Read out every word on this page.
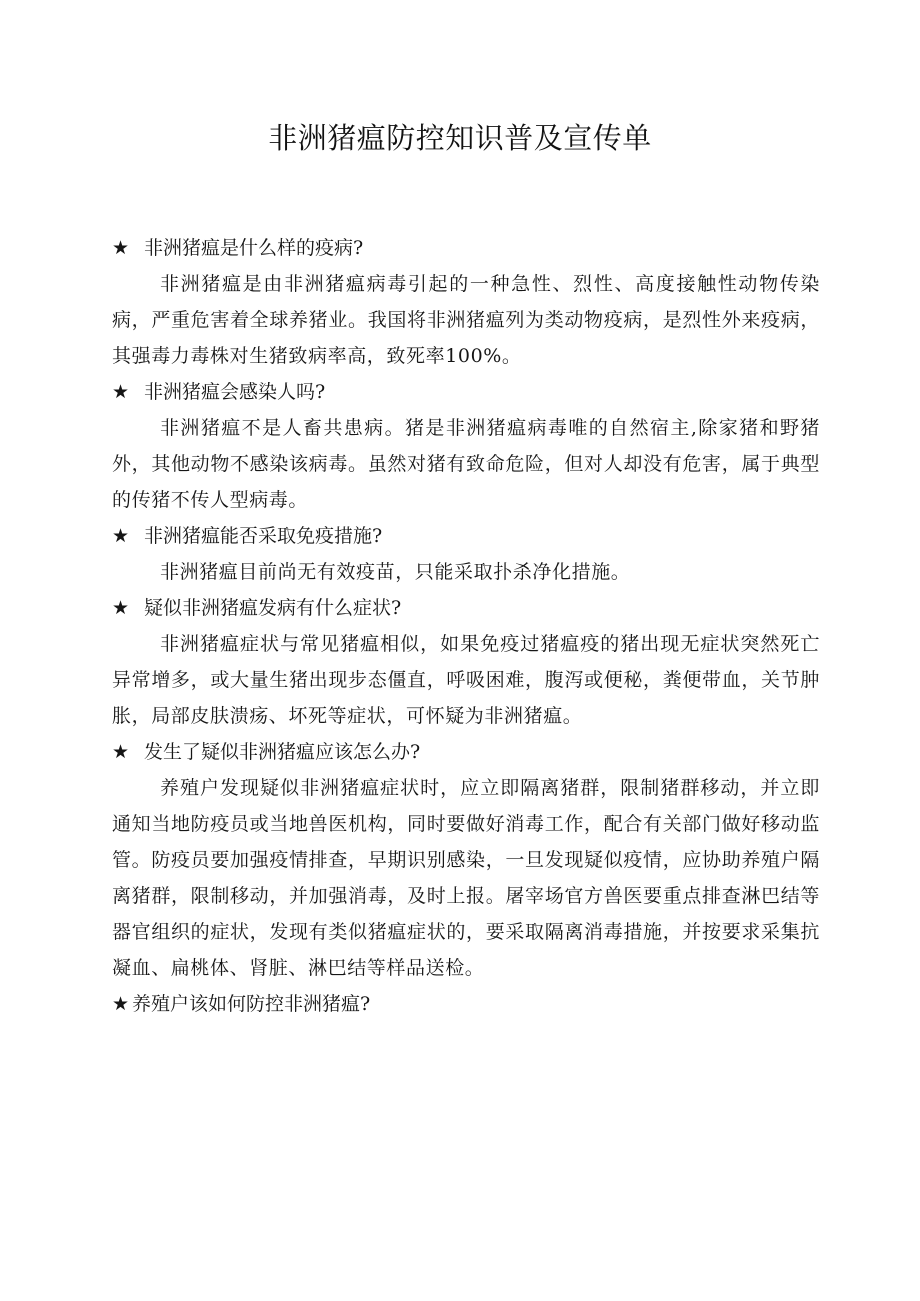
非洲猪瘟防控知识普及宣传单
★ 非洲猪瘟是什么样的疫病?

非洲猪瘟是由非洲猪瘟病毒引起的一种急性、烈性、高度接触性动物传染病，严重危害着全球养猪业。我国将非洲猪瘟列为类动物疫病，是烈性外来疫病，其强毒力毒株对生猪致病率高，致死率100%。

★ 非洲猪瘟会感染人吗?

非洲猪瘟不是人畜共患病。猪是非洲猪瘟病毒唯的自然宿主,除家猪和野猪外，其他动物不感染该病毒。虽然对猪有致命危险，但对人却没有危害，属于典型的传猪不传人型病毒。

★ 非洲猪瘟能否采取免疫措施?

非洲猪瘟目前尚无有效疫苗，只能采取扑杀净化措施。

★ 疑似非洲猪瘟发病有什么症状?

非洲猪瘟症状与常见猪瘟相似，如果免疫过猪瘟疫的猪出现无症状突然死亡异常增多，或大量生猪出现步态僵直，呼吸困难，腹泻或便秘，粪便带血，关节肿胀，局部皮肤溃疡、坏死等症状，可怀疑为非洲猪瘟。

★ 发生了疑似非洲猪瘟应该怎么办?

养殖户发现疑似非洲猪瘟症状时，应立即隔离猪群，限制猪群移动，并立即通知当地防疫员或当地兽医机构，同时要做好消毒工作，配合有关部门做好移动监管。防疫员要加强疫情排查，早期识别感染，一旦发现疑似疫情，应协助养殖户隔离猪群，限制移动，并加强消毒，及时上报。屠宰场官方兽医要重点排查淋巴结等器官组织的症状，发现有类似猪瘟症状的，要采取隔离消毒措施，并按要求采集抗凝血、扁桃体、肾脏、淋巴结等样品送检。

★ 养殖户该如何防控非洲猪瘟?
